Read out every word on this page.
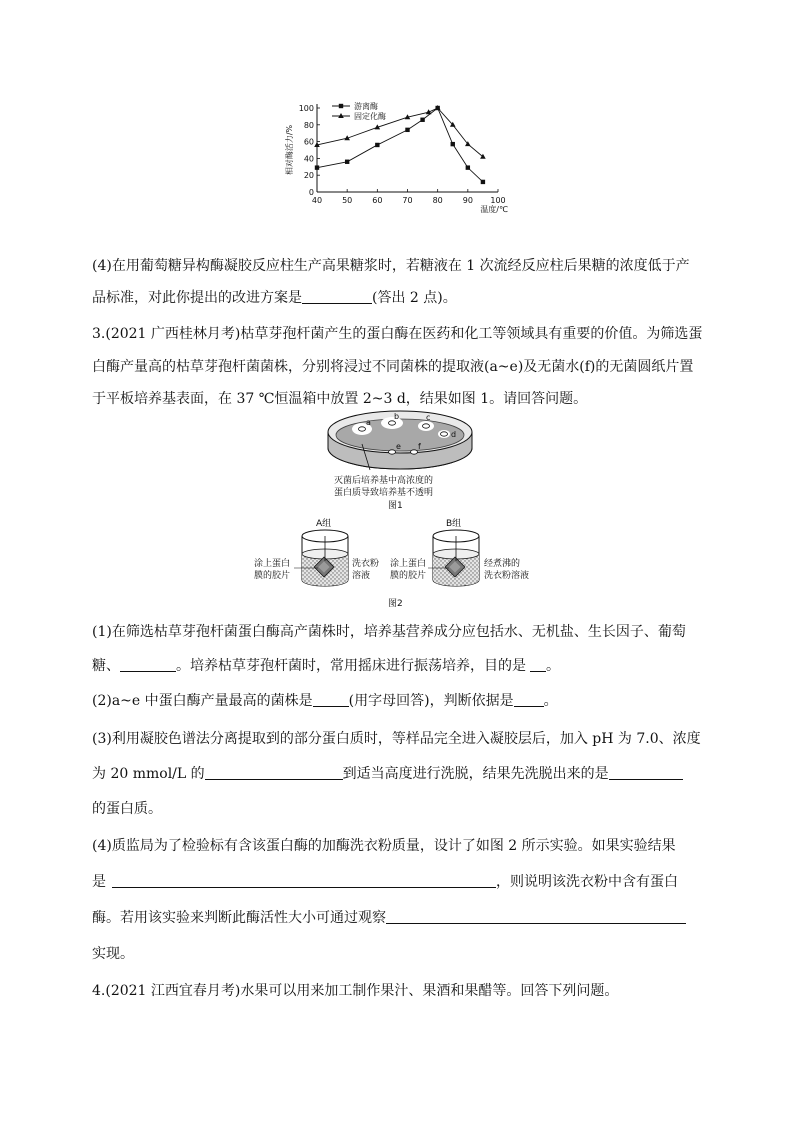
40 50 60 70 80 90 100
0
20
40
60
80
100
温度/℃
相对酶活力/%
游离酶
固定化酶
(4)在用葡萄糖异构酶凝胶反应柱生产高果糖浆时，若糖液在 1 次流经反应柱后果糖的浓度低于产
品标准，对此你提出的改进方案是	(答出 2 点)。
3.(2021 广西桂林月考)枯草芽孢杆菌产生的蛋白酶在医药和化工等领域具有重要的价值。为筛选蛋
白酶产量高的枯草芽孢杆菌菌株，分别将浸过不同菌株的提取液(a~e)及无菌水(f)的无菌圆纸片置
于平板培养基表面，在 37 ℃恒温箱中放置 2~3 d，结果如图 1。请回答问题。
a
b	c
d
e f
灭菌后培养基中高浓度的
蛋白质导致培养基不透明
图1
A组
涂上蛋白
膜的胶片
洗衣粉
溶液
B组
涂上蛋白
膜的胶片
经煮沸的
洗衣粉溶液
图2
(1)在筛选枯草芽孢杆菌蛋白酶高产菌株时，培养基营养成分应包括水、无机盐、生长因子、葡萄
糖、	。培养枯草芽孢杆菌时，常用摇床进行振荡培养，目的是 。
(2)a~e 中蛋白酶产量最高的菌株是	(用字母回答)，判断依据是 。
(3)利用凝胶色谱法分离提取到的部分蛋白质时，等样品完全进入凝胶层后，加入 pH 为 7.0、浓度
为 20 mmol/L 的	到适当高度进行洗脱，结果先洗脱出来的是
的蛋白质。
(4)质监局为了检验标有含该蛋白酶的加酶洗衣粉质量，设计了如图 2 所示实验。如果实验结果
是	，则说明该洗衣粉中含有蛋白
酶。若用该实验来判断此酶活性大小可通过观察
实现。
4.(2021 江西宜春月考)水果可以用来加工制作果汁、果酒和果醋等。回答下列问题。
